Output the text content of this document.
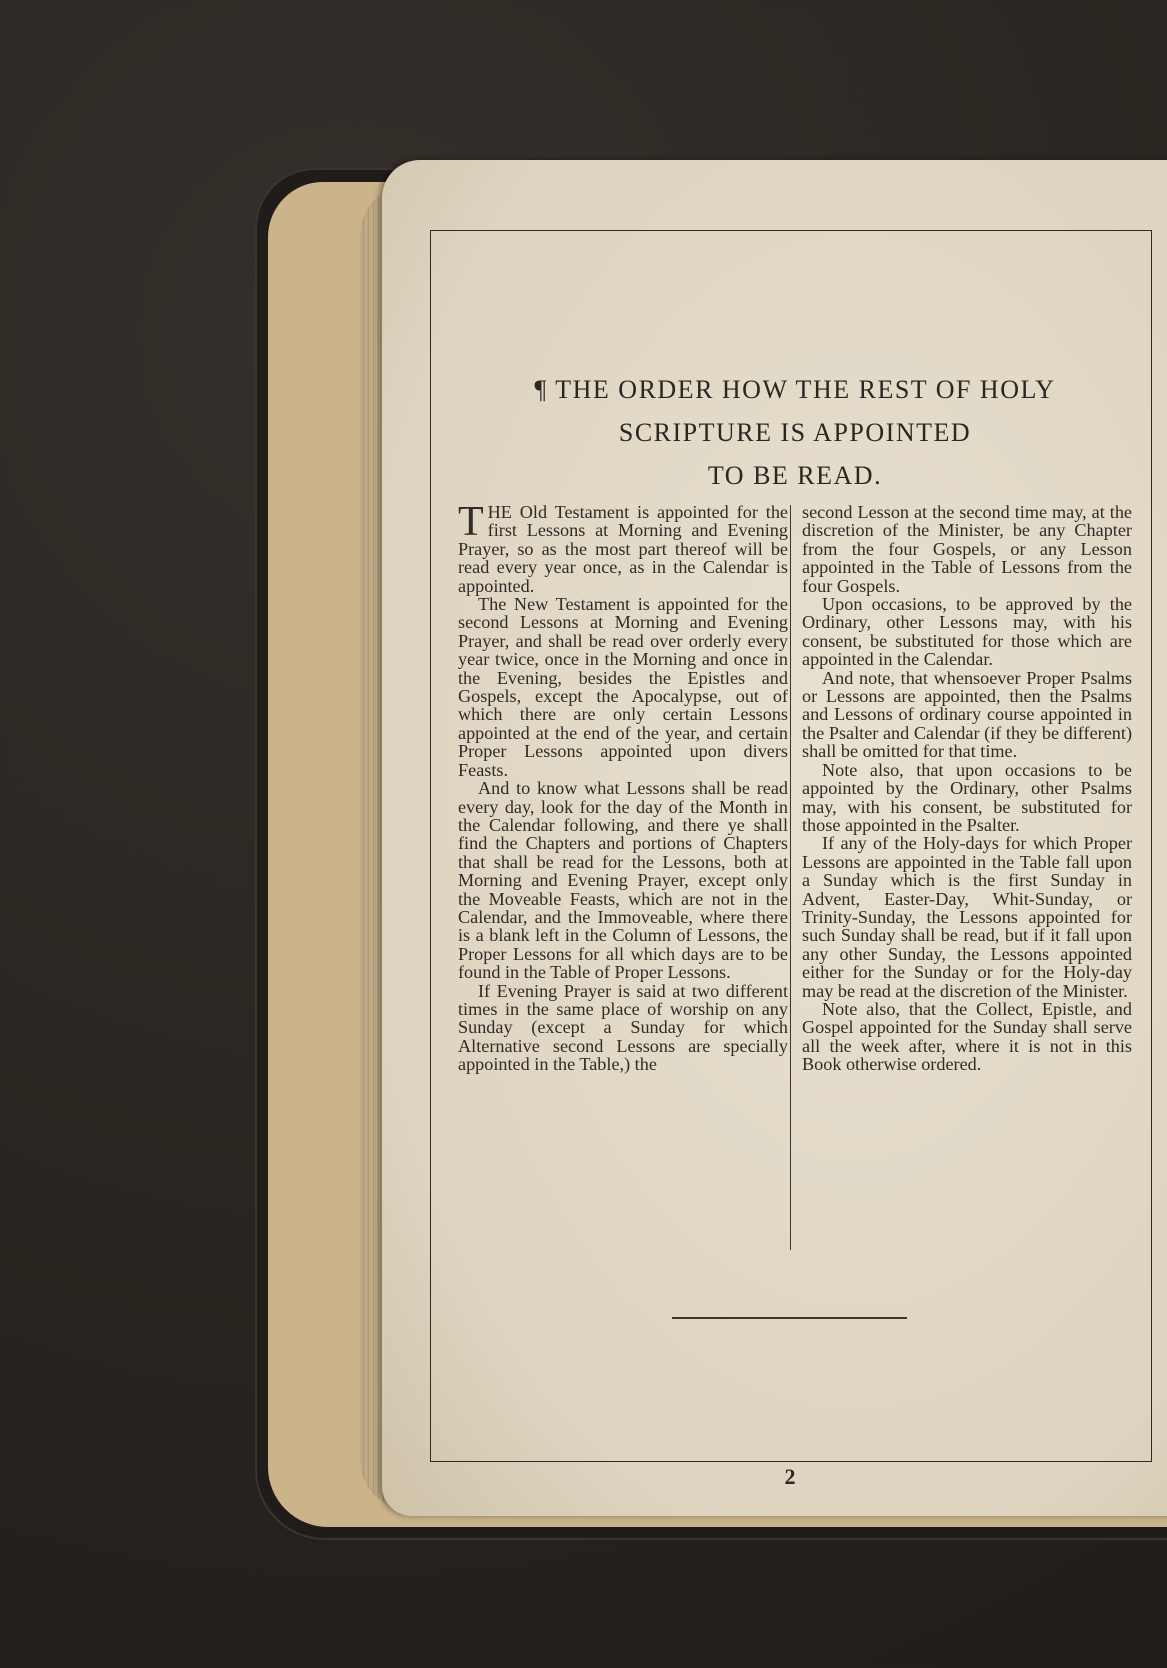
¶ THE ORDER HOW THE REST OF HOLY
SCRIPTURE IS APPOINTED
TO BE READ.

THE Old Testament is appointed for the first Lessons at Morning and Evening Prayer, so as the most part thereof will be read every year once, as in the Calendar is appointed.

The New Testament is appointed for the second Lessons at Morning and Evening Prayer, and shall be read over orderly every year twice, once in the Morning and once in the Evening, besides the Epistles and Gospels, except the Apocalypse, out of which there are only certain Lessons appointed at the end of the year, and certain Proper Lessons appointed upon divers Feasts.

And to know what Lessons shall be read every day, look for the day of the Month in the Calendar following, and there ye shall find the Chapters and portions of Chapters that shall be read for the Lessons, both at Morning and Evening Prayer, except only the Moveable Feasts, which are not in the Calendar, and the Immoveable, where there is a blank left in the Column of Lessons, the Proper Lessons for all which days are to be found in the Table of Proper Lessons.

If Evening Prayer is said at two different times in the same place of worship on any Sunday (except a Sunday for which Alternative second Lessons are specially appointed in the Table,) the

second Lesson at the second time may, at the discretion of the Minister, be any Chapter from the four Gospels, or any Lesson appointed in the Table of Lessons from the four Gospels.

Upon occasions, to be approved by the Ordinary, other Lessons may, with his consent, be substituted for those which are appointed in the Calendar.

And note, that whensoever Proper Psalms or Lessons are appointed, then the Psalms and Lessons of ordinary course appointed in the Psalter and Calendar (if they be different) shall be omitted for that time.

Note also, that upon occasions to be appointed by the Ordinary, other Psalms may, with his consent, be substituted for those appointed in the Psalter.

If any of the Holy-days for which Proper Lessons are appointed in the Table fall upon a Sunday which is the first Sunday in Advent, Easter-Day, Whit-Sunday, or Trinity-Sunday, the Lessons appointed for such Sunday shall be read, but if it fall upon any other Sunday, the Lessons appointed either for the Sunday or for the Holy-day may be read at the discretion of the Minister.

Note also, that the Collect, Epistle, and Gospel appointed for the Sunday shall serve all the week after, where it is not in this Book otherwise ordered.

2
